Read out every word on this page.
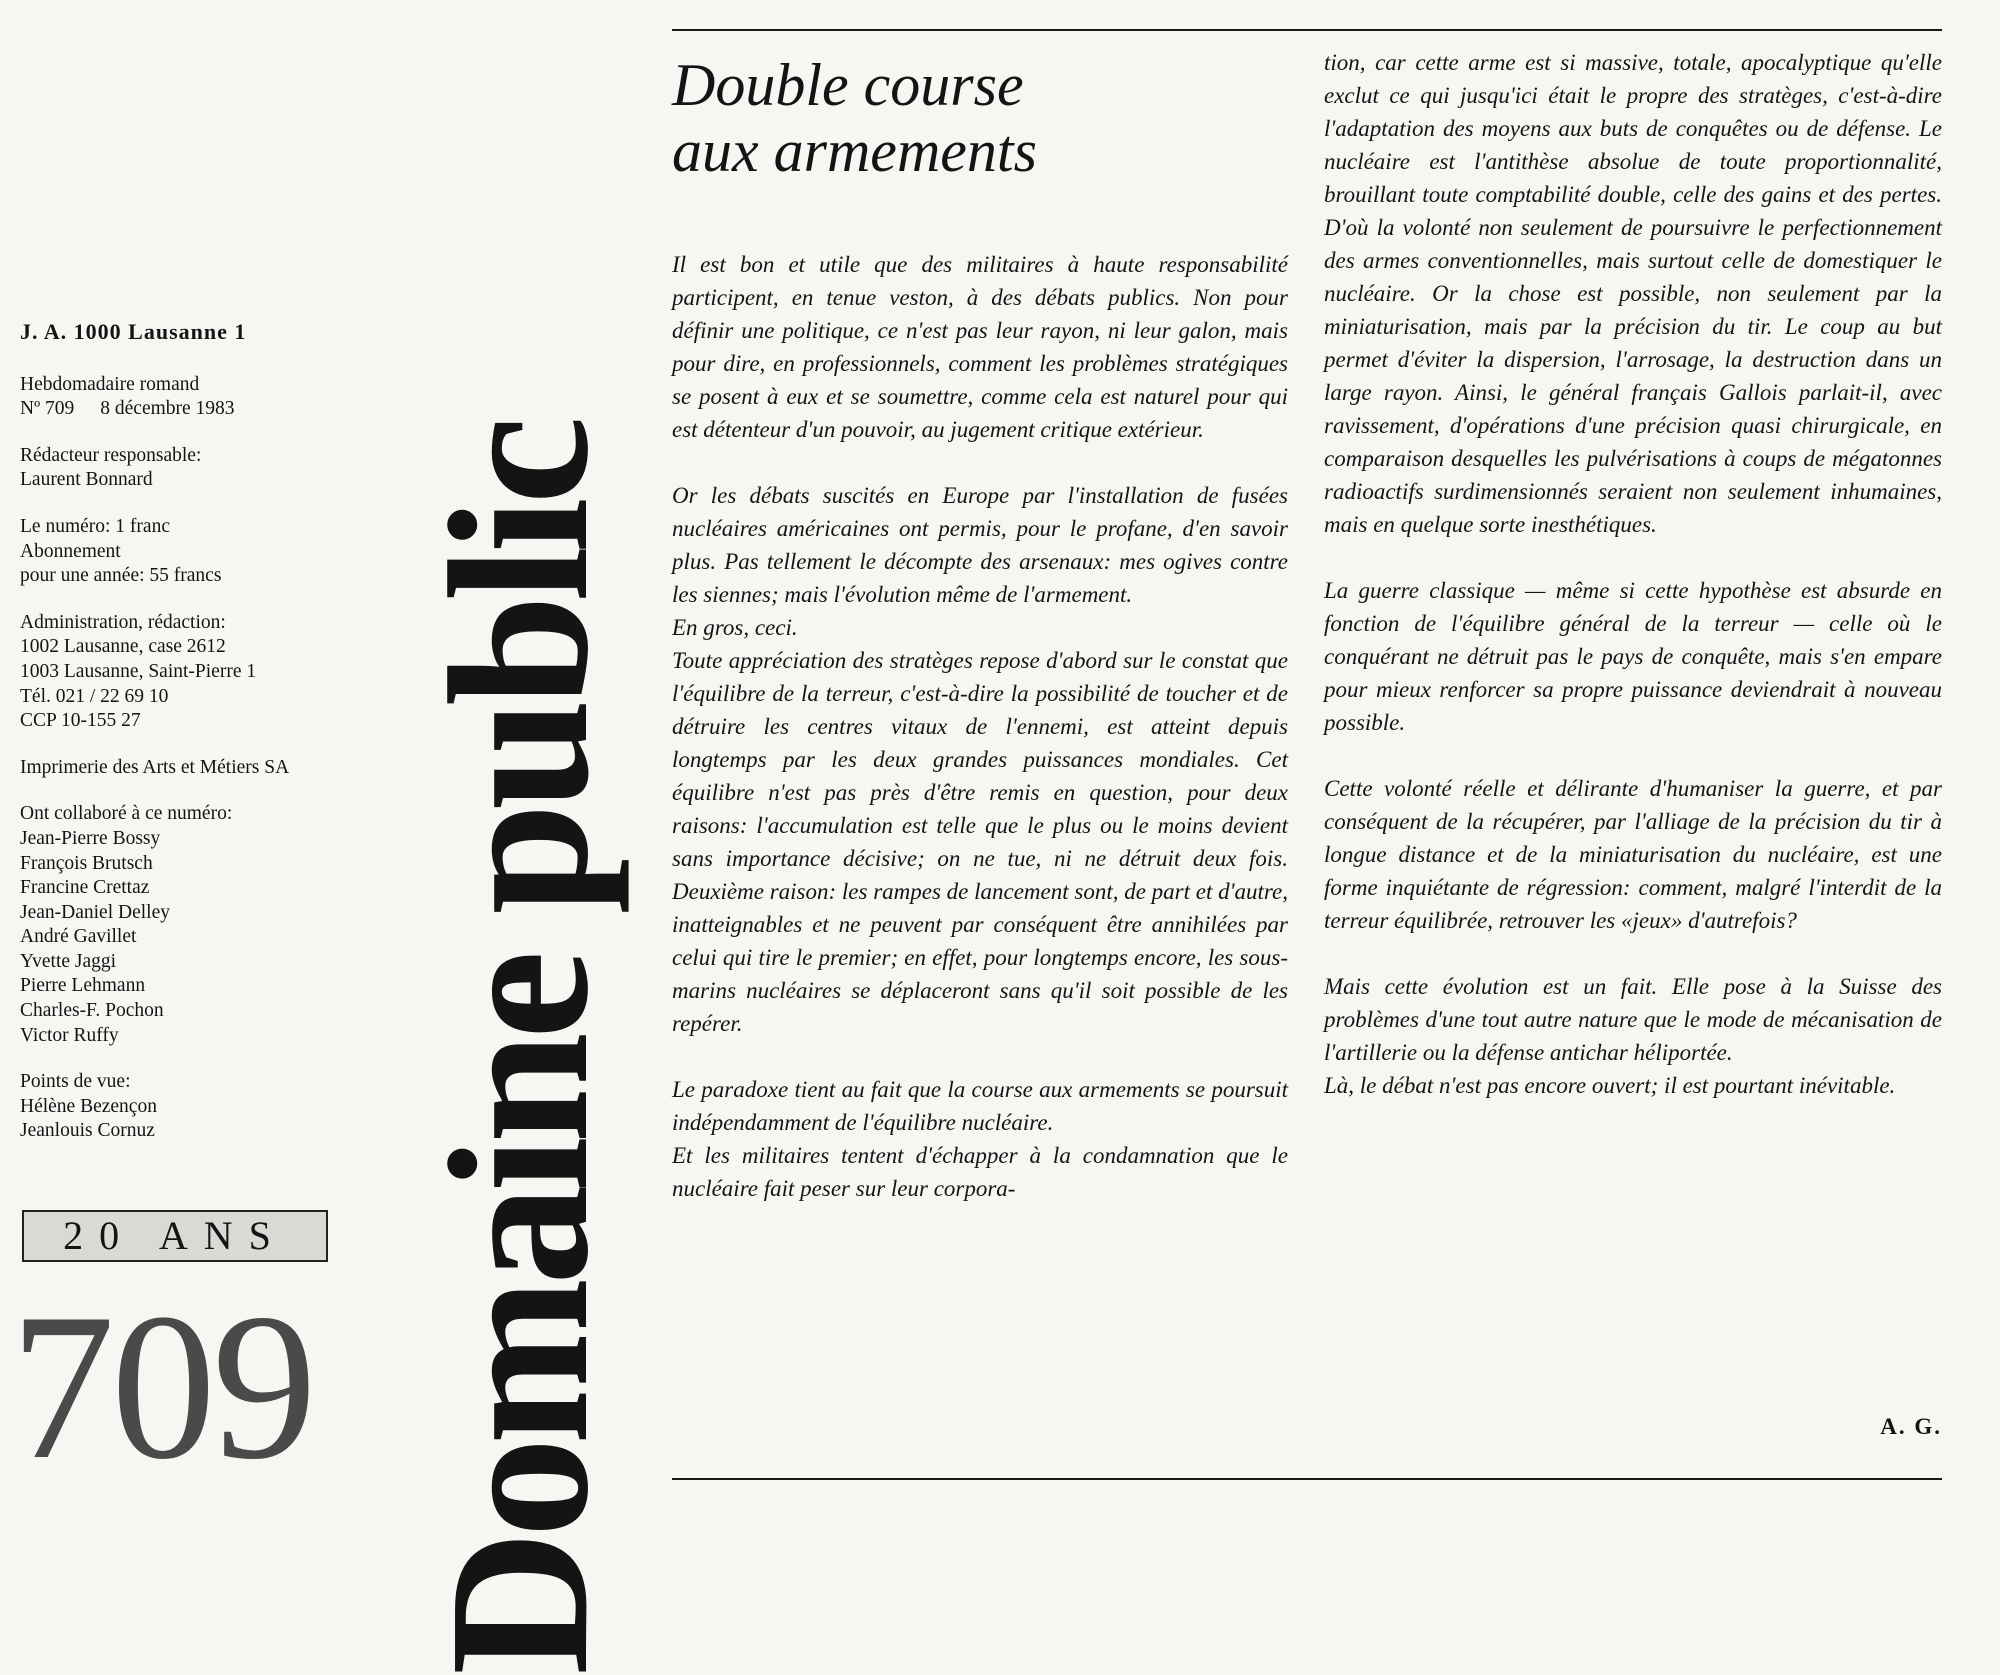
J. A. 1000 Lausanne 1

Hebdomadaire romand
Nº 709 8 décembre 1983

Rédacteur responsable:
Laurent Bonnard

Le numéro: 1 franc
Abonnement
pour une année: 55 francs

Administration, rédaction:
1002 Lausanne, case 2612
1003 Lausanne, Saint-Pierre 1
Tél. 021 / 22 69 10
CCP 10-155 27

Imprimerie des Arts et Métiers SA

Ont collaboré à ce numéro:
Jean-Pierre Bossy
François Brutsch
Francine Crettaz
Jean-Daniel Delley
André Gavillet
Yvette Jaggi
Pierre Lehmann
Charles-F. Pochon
Victor Ruffy

Points de vue:
Hélène Bezençon
Jeanlouis Cornuz

20 ANS
709 Domaine public
Double course
aux armements

Il est bon et utile que des militaires à haute responsabilité participent, en tenue veston, à des débats publics. Non pour définir une politique, ce n'est pas leur rayon, ni leur galon, mais pour dire, en professionnels, comment les problèmes stratégiques se posent à eux et se soumettre, comme cela est naturel pour qui est détenteur d'un pouvoir, au jugement critique extérieur.

Or les débats suscités en Europe par l'installation de fusées nucléaires américaines ont permis, pour le profane, d'en savoir plus. Pas tellement le décompte des arsenaux: mes ogives contre les siennes; mais l'évolution même de l'armement.

En gros, ceci.

Toute appréciation des stratèges repose d'abord sur le constat que l'équilibre de la terreur, c'est-à-dire la possibilité de toucher et de détruire les centres vitaux de l'ennemi, est atteint depuis longtemps par les deux grandes puissances mondiales. Cet équilibre n'est pas près d'être remis en question, pour deux raisons: l'accumulation est telle que le plus ou le moins devient sans importance décisive; on ne tue, ni ne détruit deux fois. Deuxième raison: les rampes de lancement sont, de part et d'autre, inatteignables et ne peuvent par conséquent être annihilées par celui qui tire le premier; en effet, pour longtemps encore, les sous-marins nucléaires se déplaceront sans qu'il soit possible de les repérer.

Le paradoxe tient au fait que la course aux armements se poursuit indépendamment de l'équilibre nucléaire.

Et les militaires tentent d'échapper à la condamnation que le nucléaire fait peser sur leur corpora-

tion, car cette arme est si massive, totale, apocalyptique qu'elle exclut ce qui jusqu'ici était le propre des stratèges, c'est-à-dire l'adaptation des moyens aux buts de conquêtes ou de défense. Le nucléaire est l'antithèse absolue de toute proportionnalité, brouillant toute comptabilité double, celle des gains et des pertes. D'où la volonté non seulement de poursuivre le perfectionnement des armes conventionnelles, mais surtout celle de domestiquer le nucléaire. Or la chose est possible, non seulement par la miniaturisation, mais par la précision du tir. Le coup au but permet d'éviter la dispersion, l'arrosage, la destruction dans un large rayon. Ainsi, le général français Gallois parlait-il, avec ravissement, d'opérations d'une précision quasi chirurgicale, en comparaison desquelles les pulvérisations à coups de mégatonnes radioactifs surdimensionnés seraient non seulement inhumaines, mais en quelque sorte inesthétiques.

La guerre classique — même si cette hypothèse est absurde en fonction de l'équilibre général de la terreur — celle où le conquérant ne détruit pas le pays de conquête, mais s'en empare pour mieux renforcer sa propre puissance deviendrait à nouveau possible.

Cette volonté réelle et délirante d'humaniser la guerre, et par conséquent de la récupérer, par l'alliage de la précision du tir à longue distance et de la miniaturisation du nucléaire, est une forme inquiétante de régression: comment, malgré l'interdit de la terreur équilibrée, retrouver les «jeux» d'autrefois?

Mais cette évolution est un fait. Elle pose à la Suisse des problèmes d'une tout autre nature que le mode de mécanisation de l'artillerie ou la défense antichar héliportée.

Là, le débat n'est pas encore ouvert; il est pourtant inévitable.

A. G.
